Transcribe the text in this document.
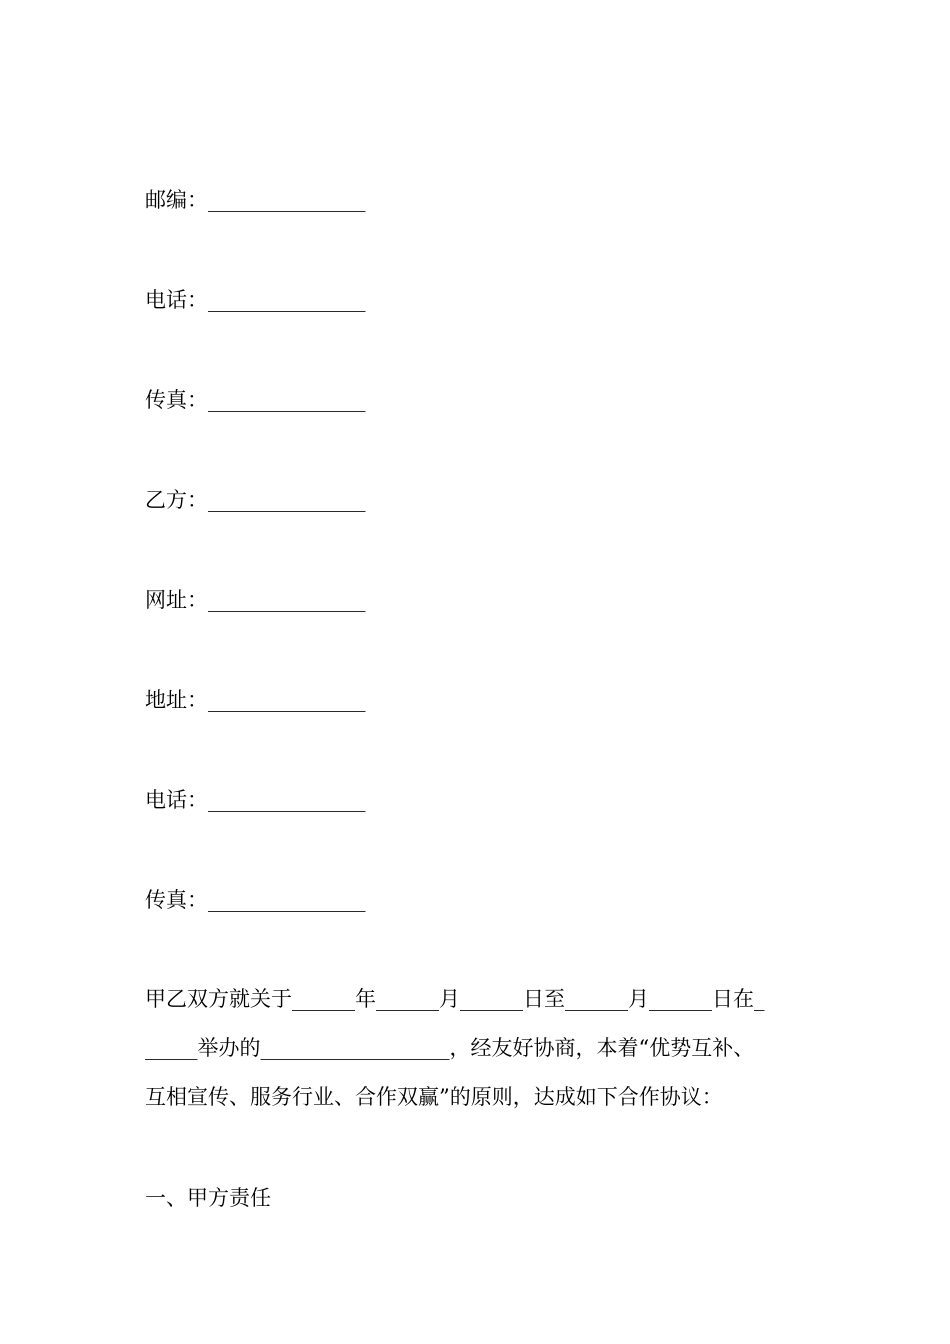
邮编：_______________
电话：_______________
传真：_______________
乙方：_______________
网址：_______________
地址：_______________
电话：_______________
传真：_______________
甲乙双方就关于______年______月______日至______月______日在_
_____举办的__________________，经友好协商，本着“优势互补、
互相宣传、服务行业、合作双赢”的原则，达成如下合作协议：
一、甲方责任
